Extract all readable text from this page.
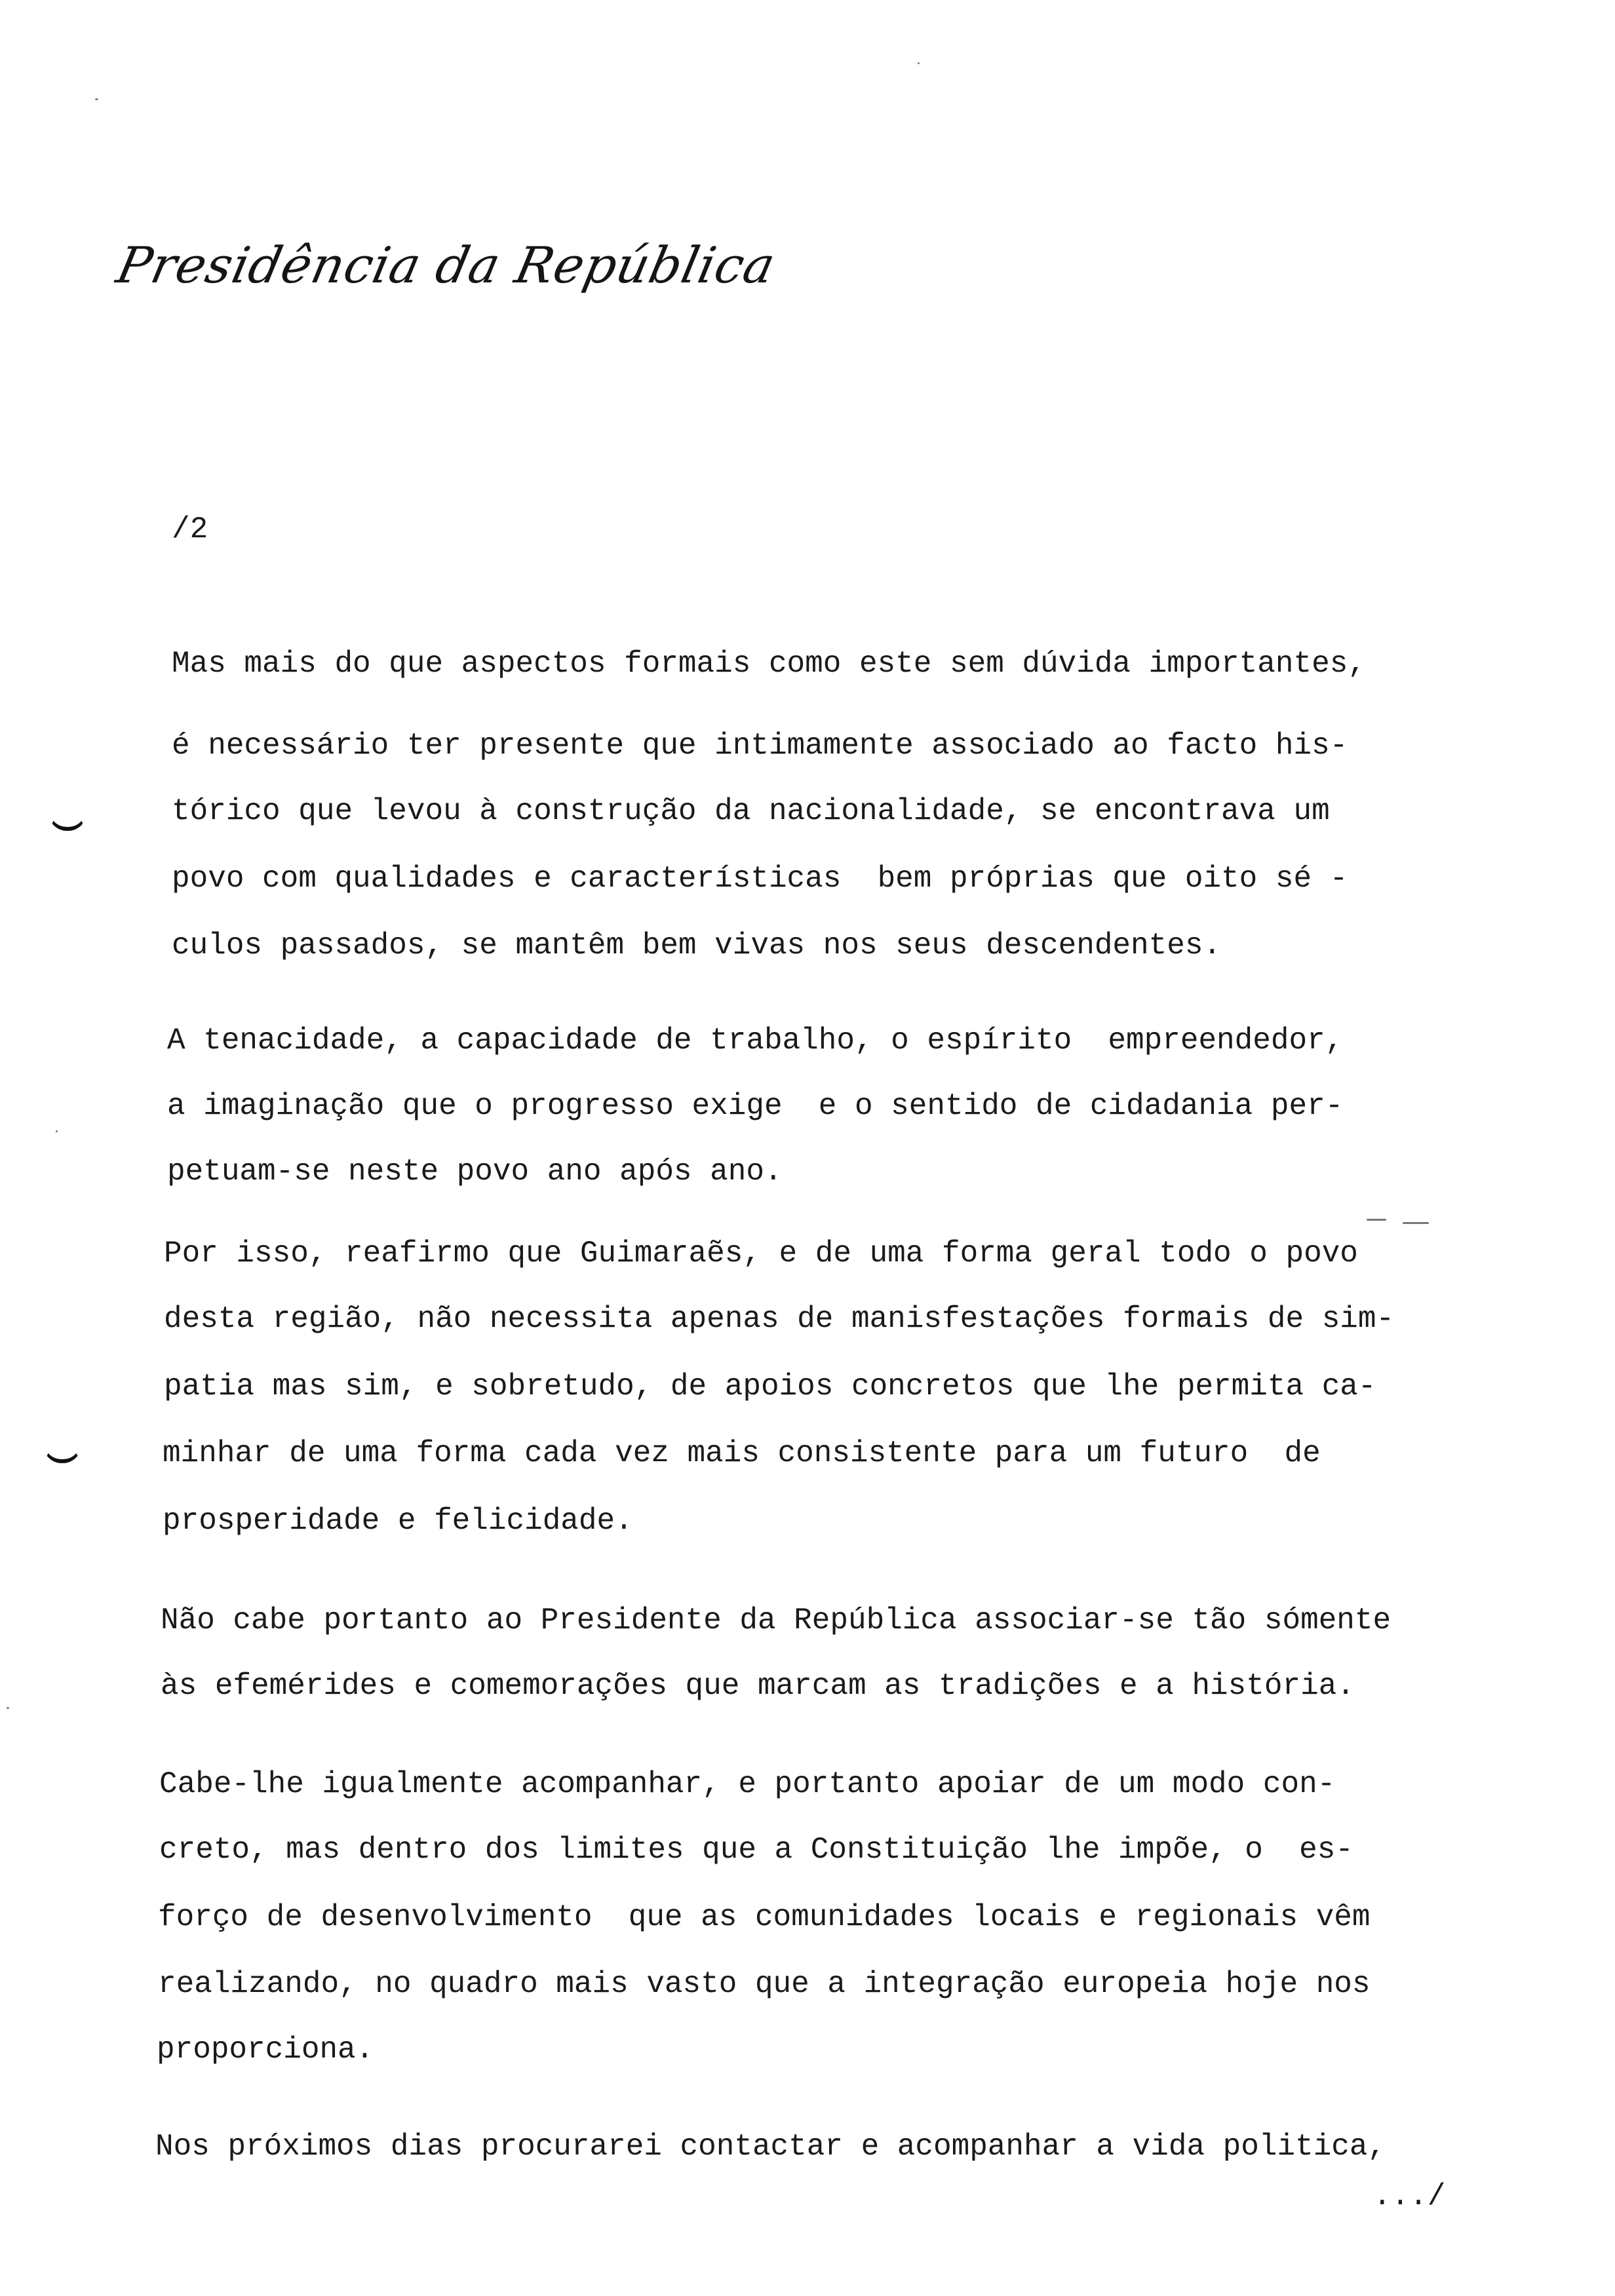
Presidência da República
/2
Mas mais do que aspectos formais como este sem dúvida importantes,
é necessário ter presente que intimamente associado ao facto his-
tórico que levou à construção da nacionalidade, se encontrava um
povo com qualidades e características  bem próprias que oito sé -
culos passados, se mantêm bem vivas nos seus descendentes.
A tenacidade, a capacidade de trabalho, o espírito  empreendedor,
a imaginação que o progresso exige  e o sentido de cidadania per-
petuam-se neste povo ano após ano.
Por isso, reafirmo que Guimaraẽs, e de uma forma geral todo o povo
desta região, não necessita apenas de manisfestações formais de sim-
patia mas sim, e sobretudo, de apoios concretos que lhe permita ca-
minhar de uma forma cada vez mais consistente para um futuro  de
prosperidade e felicidade.
Não cabe portanto ao Presidente da República associar-se tão sómente
às efemérides e comemorações que marcam as tradições e a história.
Cabe-lhe igualmente acompanhar, e portanto apoiar de um modo con-
creto, mas dentro dos limites que a Constituição lhe impõe, o  es-
forço de desenvolvimento  que as comunidades locais e regionais vêm
realizando, no quadro mais vasto que a integração europeia hoje nos
proporciona.
Nos próximos dias procurarei contactar e acompanhar a vida politica,
.../
